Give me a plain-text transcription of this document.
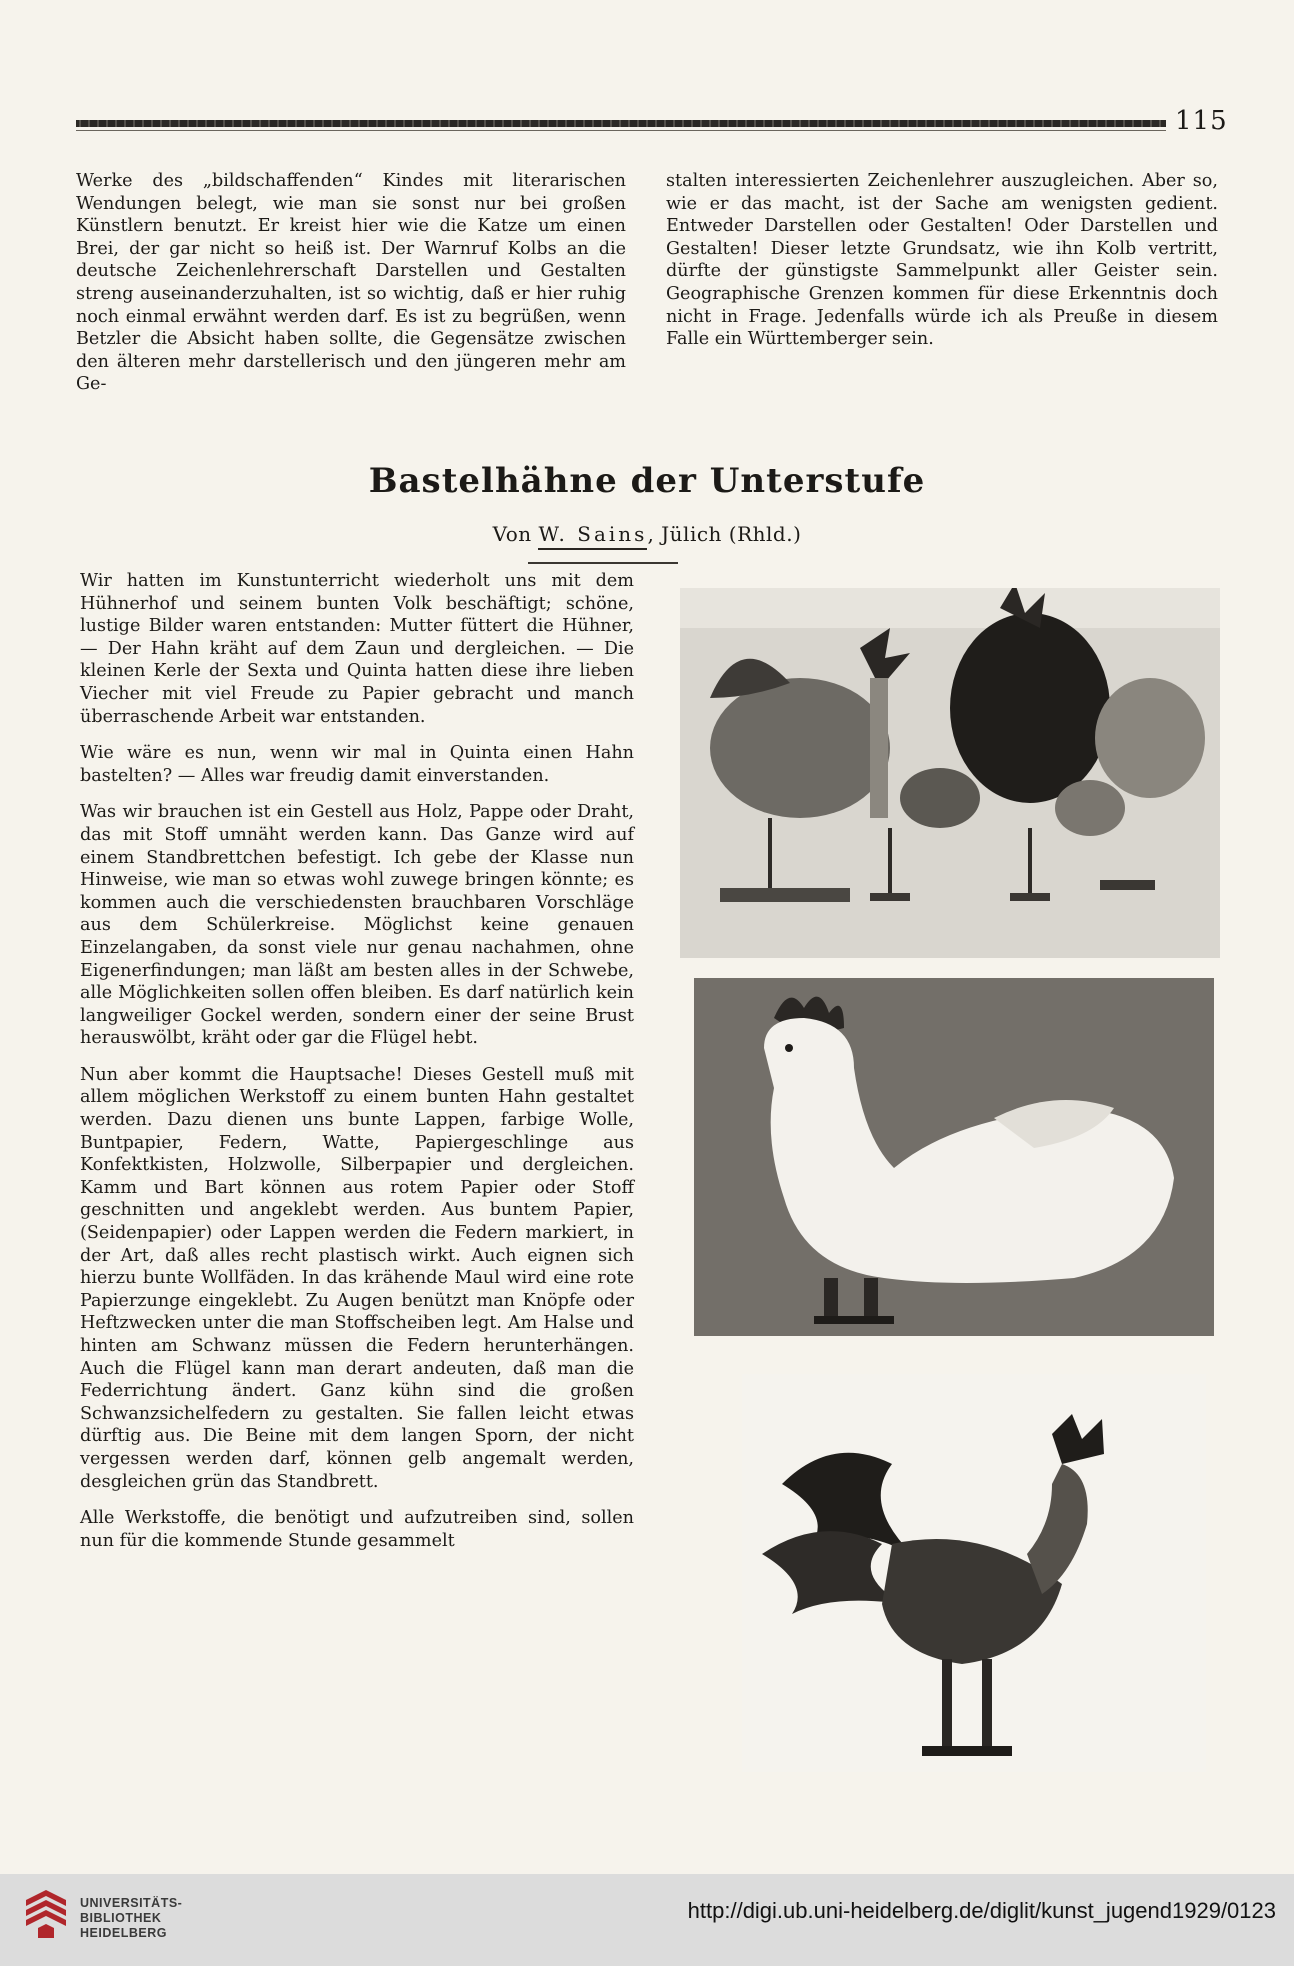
115

Werke des „bildschaffenden“ Kindes mit literarischen Wendungen belegt, wie man sie sonst nur bei großen Künstlern benutzt. Er kreist hier wie die Katze um einen Brei, der gar nicht so heiß ist. Der Warnruf Kolbs an die deutsche Zeichenlehrerschaft Darstellen und Gestalten streng auseinanderzuhalten, ist so wichtig, daß er hier ruhig noch einmal erwähnt werden darf. Es ist zu begrüßen, wenn Betzler die Absicht haben sollte, die Gegensätze zwischen den älteren mehr darstellerisch und den jüngeren mehr am Ge-

stalten interessierten Zeichenlehrer auszugleichen. Aber so, wie er das macht, ist der Sache am wenigsten gedient. Entweder Darstellen oder Gestalten! Oder Darstellen und Gestalten! Dieser letzte Grundsatz, wie ihn Kolb vertritt, dürfte der günstigste Sammelpunkt aller Geister sein. Geographische Grenzen kommen für diese Erkenntnis doch nicht in Frage. Jedenfalls würde ich als Preuße in diesem Falle ein Württemberger sein.

Bastelhähne der Unterstufe
Von W. Sains, Jülich (Rhld.)

Wir hatten im Kunstunterricht wiederholt uns mit dem Hühnerhof und seinem bunten Volk beschäftigt; schöne, lustige Bilder waren entstanden: Mutter füttert die Hühner, — Der Hahn kräht auf dem Zaun und dergleichen. — Die kleinen Kerle der Sexta und Quinta hatten diese ihre lieben Viecher mit viel Freude zu Papier gebracht und manch überraschende Arbeit war entstanden.

Wie wäre es nun, wenn wir mal in Quinta einen Hahn bastelten? — Alles war freudig damit einverstanden.

Was wir brauchen ist ein Gestell aus Holz, Pappe oder Draht, das mit Stoff umnäht werden kann. Das Ganze wird auf einem Standbrettchen befestigt. Ich gebe der Klasse nun Hinweise, wie man so etwas wohl zuwege bringen könnte; es kommen auch die verschiedensten brauchbaren Vorschläge aus dem Schülerkreise. Möglichst keine genauen Einzelangaben, da sonst viele nur genau nachahmen, ohne Eigenerfindungen; man läßt am besten alles in der Schwebe, alle Möglichkeiten sollen offen bleiben. Es darf natürlich kein langweiliger Gockel werden, sondern einer der seine Brust herauswölbt, kräht oder gar die Flügel hebt.

Nun aber kommt die Hauptsache! Dieses Gestell muß mit allem möglichen Werkstoff zu einem bunten Hahn gestaltet werden. Dazu dienen uns bunte Lappen, farbige Wolle, Buntpapier, Federn, Watte, Papiergeschlinge aus Konfektkisten, Holzwolle, Silberpapier und dergleichen. Kamm und Bart können aus rotem Papier oder Stoff geschnitten und angeklebt werden. Aus buntem Papier, (Seidenpapier) oder Lappen werden die Federn markiert, in der Art, daß alles recht plastisch wirkt. Auch eignen sich hierzu bunte Wollfäden. In das krähende Maul wird eine rote Papierzunge eingeklebt. Zu Augen benützt man Knöpfe oder Heftzwecken unter die man Stoffscheiben legt. Am Halse und hinten am Schwanz müssen die Federn herunterhängen. Auch die Flügel kann man derart andeuten, daß man die Federrichtung ändert. Ganz kühn sind die großen Schwanzsichelfedern zu gestalten. Sie fallen leicht etwas dürftig aus. Die Beine mit dem langen Sporn, der nicht vergessen werden darf, können gelb angemalt werden, desgleichen grün das Standbrett.

Alle Werkstoffe, die benötigt und aufzutreiben sind, sollen nun für die kommende Stunde gesammelt

UNIVERSITÄTS-
BIBLIOTHEK
HEIDELBERG
http://digi.ub.uni-heidelberg.de/diglit/kunst_jugend1929/0123
